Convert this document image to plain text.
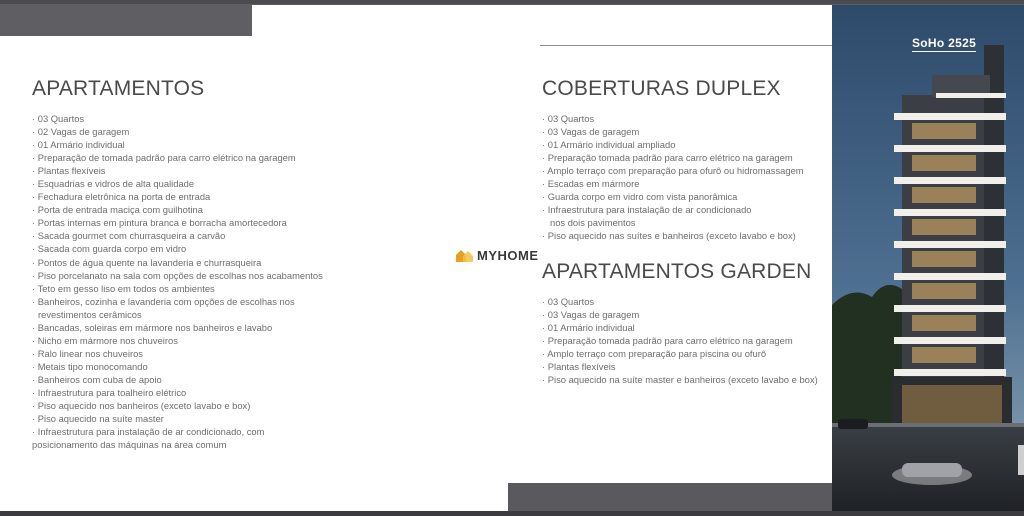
APARTAMENTOS
· 03 Quartos
· 02 Vagas de garagem
· 01 Armário individual
· Preparação de tomada padrão para carro elétrico na garagem
· Plantas flexíveis
· Esquadrias e vidros de alta qualidade
· Fechadura eletrônica na porta de entrada
· Porta de entrada maciça com guilhotina
· Portas internas em pintura branca e borracha amortecedora
· Sacada gourmet com churrasqueira a carvão
· Sacada com guarda corpo em vidro
· Pontos de água quente na lavanderia e churrasqueira
· Piso porcelanato na sala com opções de escolhas nos acabamentos
· Teto em gesso liso em todos os ambientes
· Banheiros, cozinha e lavanderia com opções de escolhas nos
revestimentos cerâmicos
· Bancadas, soleiras em mármore nos banheiros e lavabo
· Nicho em mármore nos chuveiros
· Ralo linear nos chuveiros
· Metais tipo monocomando
· Banheiros com cuba de apoio
· Infraestrutura para toalheiro elétrico
· Piso aquecido nos banheiros (exceto lavabo e box)
· Piso aquecido na suíte master
· Infraestrutura para instalação de ar condicionado, com
posicionamento das máquinas na área comum
COBERTURAS DUPLEX
· 03 Quartos
· 03 Vagas de garagem
· 01 Armário individual ampliado
· Preparação tomada padrão para carro elétrico na garagem
· Amplo terraço com preparação para ofurô ou hidromassagem
· Escadas em mármore
· Guarda corpo em vidro com vista panorâmica
· Infraestrutura para instalação de ar condicionado
nos dois pavimentos
· Piso aquecido nas suítes e banheiros (exceto lavabo e box)
MYHOME
APARTAMENTOS GARDEN
· 03 Quartos
· 03 Vagas de garagem
· 01 Armário individual
· Preparação tomada padrão para carro elétrico na garagem
· Amplo terraço com preparação para piscina ou ofurô
· Plantas flexíveis
· Piso aquecido na suíte master e banheiros (exceto lavabo e box)
SoHo 2525
